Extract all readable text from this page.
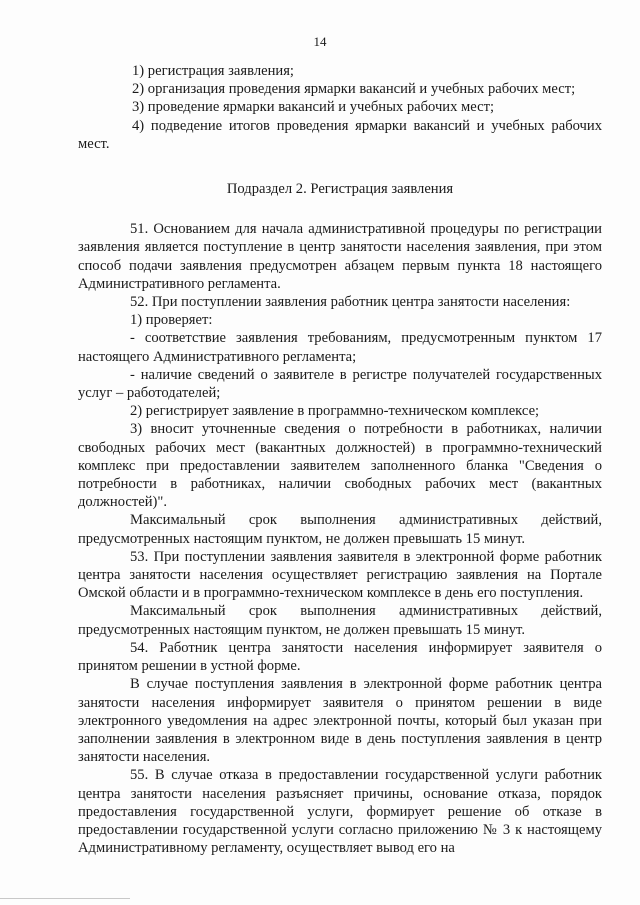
14

1) регистрация заявления;

2) организация проведения ярмарки вакансий и учебных рабочих мест;

3) проведение ярмарки вакансий и учебных рабочих мест;

4) подведение итогов проведения ярмарки вакансий и учебных рабочих мест.

Подраздел 2. Регистрация заявления

51. Основанием для начала административной процедуры по регистрации заявления является поступление в центр занятости населения заявления, при этом способ подачи заявления предусмотрен абзацем первым пункта 18 настоящего Административного регламента.

52. При поступлении заявления работник центра занятости населения:

1) проверяет:

- соответствие заявления требованиям, предусмотренным пунктом 17 настоящего Административного регламента;

- наличие сведений о заявителе в регистре получателей государственных услуг – работодателей;

2) регистрирует заявление в программно-техническом комплексе;

3) вносит уточненные сведения о потребности в работниках, наличии свободных рабочих мест (вакантных должностей) в программно-технический комплекс при предоставлении заявителем заполненного бланка "Сведения о потребности в работниках, наличии свободных рабочих мест (вакантных должностей)".

Максимальный срок выполнения административных действий, предусмотренных настоящим пунктом, не должен превышать 15 минут.

53. При поступлении заявления заявителя в электронной форме работник центра занятости населения осуществляет регистрацию заявления на Портале Омской области и в программно-техническом комплексе в день его поступления.

Максимальный срок выполнения административных действий, предусмотренных настоящим пунктом, не должен превышать 15 минут.

54. Работник центра занятости населения информирует заявителя о принятом решении в устной форме.

В случае поступления заявления в электронной форме работник центра занятости населения информирует заявителя о принятом решении в виде электронного уведомления на адрес электронной почты, который был указан при заполнении заявления в электронном виде в день поступления заявления в центр занятости населения.

55. В случае отказа в предоставлении государственной услуги работник центра занятости населения разъясняет причины, основание отказа, порядок предоставления государственной услуги, формирует решение об отказе в предоставлении государственной услуги согласно приложению № 3 к настоящему Административному регламенту, осуществляет вывод его на
